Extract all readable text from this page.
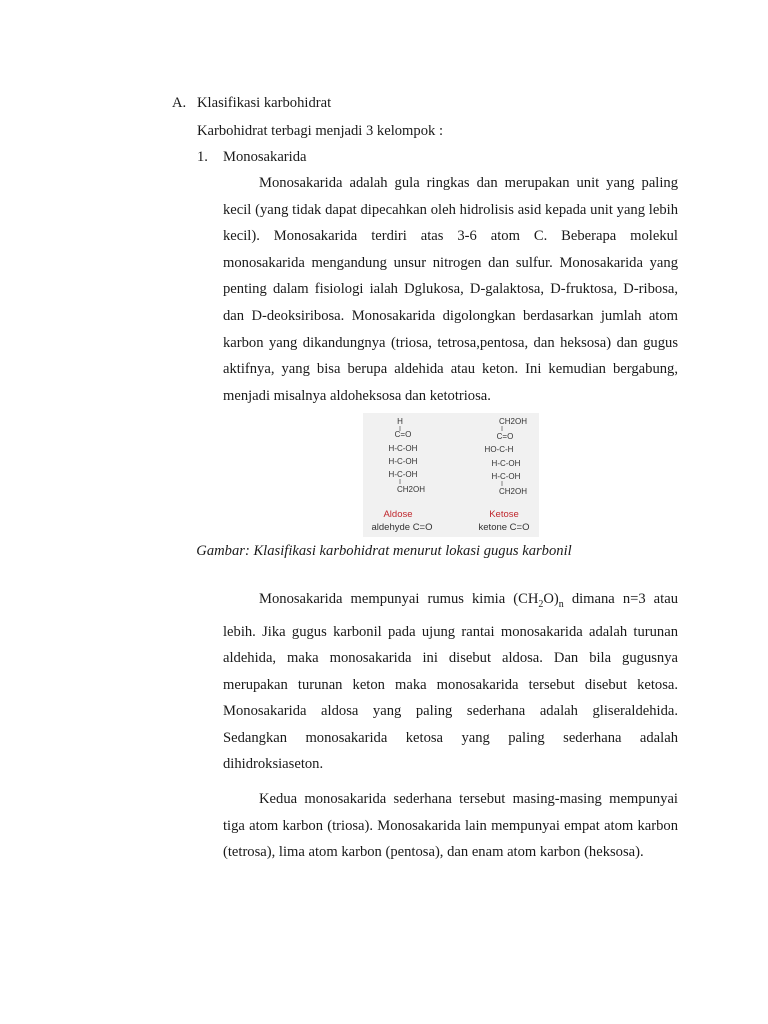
A. Klasifikasi karbohidrat
Karbohidrat terbagi menjadi 3 kelompok :
1. Monosakarida

Monosakarida adalah gula ringkas dan merupakan unit yang paling kecil (yang tidak dapat dipecahkan oleh hidrolisis asid kepada unit yang lebih kecil). Monosakarida terdiri atas 3-6 atom C. Beberapa molekul monosakarida mengandung unsur nitrogen dan sulfur. Monosakarida yang penting dalam fisiologi ialah Dglukosa, D-galaktosa, D-fruktosa, D-ribosa, dan D-deoksiribosa. Monosakarida digolongkan berdasarkan jumlah atom karbon yang dikandungnya (triosa, tetrosa,pentosa, dan heksosa) dan gugus aktifnya, yang bisa berupa aldehida atau keton. Ini kemudian bergabung, menjadi misalnya aldoheksosa dan ketotriosa.

H
C=O
H-C-OH
H-C-OH
H-C-OH
CH2OH
Aldose
aldehyde C=O
CH2OH
C=O
HO-C-H
H-C-OH
H-C-OH
CH2OH
Ketose
ketone C=O
Gambar: Klasifikasi karbohidrat menurut lokasi gugus karbonil

Monosakarida mempunyai rumus kimia $(CH_2O)_n$ dimana n=3 atau lebih. Jika gugus karbonil pada ujung rantai monosakarida adalah turunan aldehida, maka monosakarida ini disebut aldosa. Dan bila gugusnya merupakan turunan keton maka monosakarida tersebut disebut ketosa. Monosakarida aldosa yang paling sederhana adalah gliseraldehida. Sedangkan monosakarida ketosa yang paling sederhana adalah dihidroksiaseton.

Kedua monosakarida sederhana tersebut masing-masing mempunyai tiga atom karbon (triosa). Monosakarida lain mempunyai empat atom karbon (tetrosa), lima atom karbon (pentosa), dan enam atom karbon (heksosa).
